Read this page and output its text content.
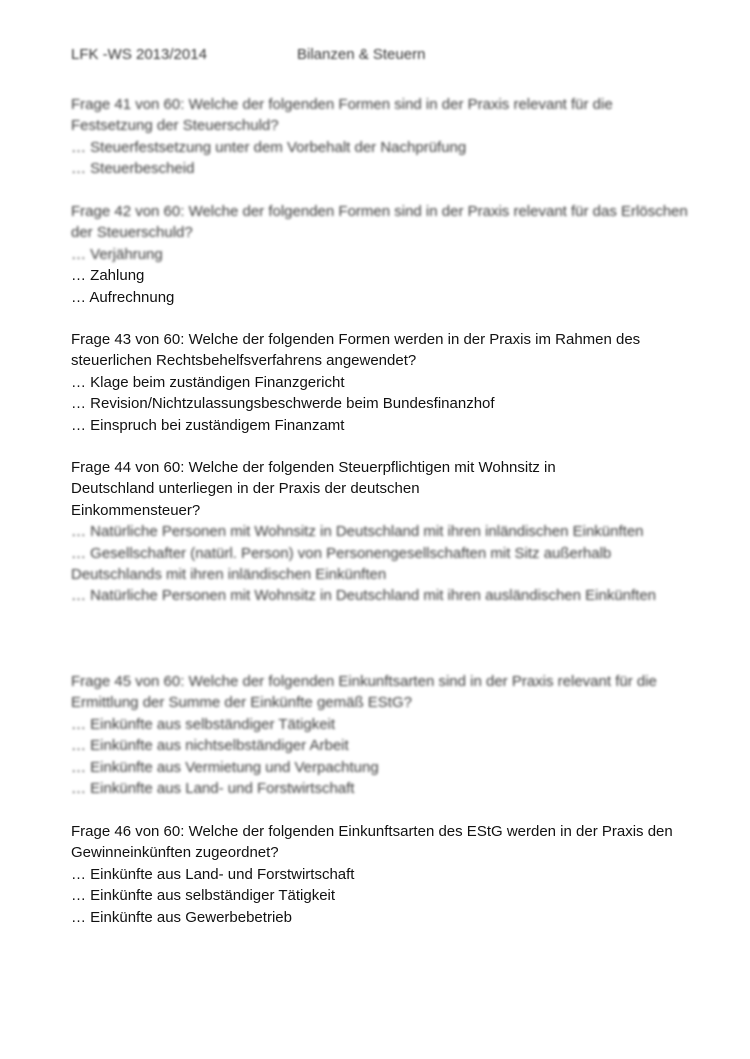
LFK -WS 2013/2014	Bilanzen & Steuern

Frage 41 von 60: Welche der folgenden Formen sind in der Praxis relevant für die Festsetzung der Steuerschuld?

… Steuerfestsetzung unter dem Vorbehalt der Nachprüfung

… Steuerbescheid

Frage 42 von 60: Welche der folgenden Formen sind in der Praxis relevant für das Erlöschen der Steuerschuld?

… Verjährung

… Zahlung

… Aufrechnung

Frage 43 von 60: Welche der folgenden Formen werden in der Praxis im Rahmen des steuerlichen Rechtsbehelfsverfahrens angewendet?

… Klage beim zuständigen Finanzgericht

… Revision/Nichtzulassungsbeschwerde beim Bundesfinanzhof

… Einspruch bei zuständigem Finanzamt

Frage 44 von 60: Welche der folgenden Steuerpflichtigen mit Wohnsitz in

Deutschland unterliegen in der Praxis der deutschen

Einkommensteuer?

… Natürliche Personen mit Wohnsitz in Deutschland mit ihren inländischen Einkünften

… Gesellschafter (natürl. Person) von Personengesellschaften mit Sitz außerhalb Deutschlands mit ihren inländischen Einkünften

… Natürliche Personen mit Wohnsitz in Deutschland mit ihren ausländischen Einkünften

Frage 45 von 60: Welche der folgenden Einkunftsarten sind in der Praxis relevant für die Ermittlung der Summe der Einkünfte gemäß EStG?

… Einkünfte aus selbständiger Tätigkeit

… Einkünfte aus nichtselbständiger Arbeit

… Einkünfte aus Vermietung und Verpachtung

… Einkünfte aus Land- und Forstwirtschaft

Frage 46 von 60: Welche der folgenden Einkunftsarten des EStG werden in der Praxis den Gewinneinkünften zugeordnet?

… Einkünfte aus Land- und Forstwirtschaft

… Einkünfte aus selbständiger Tätigkeit

… Einkünfte aus Gewerbebetrieb
